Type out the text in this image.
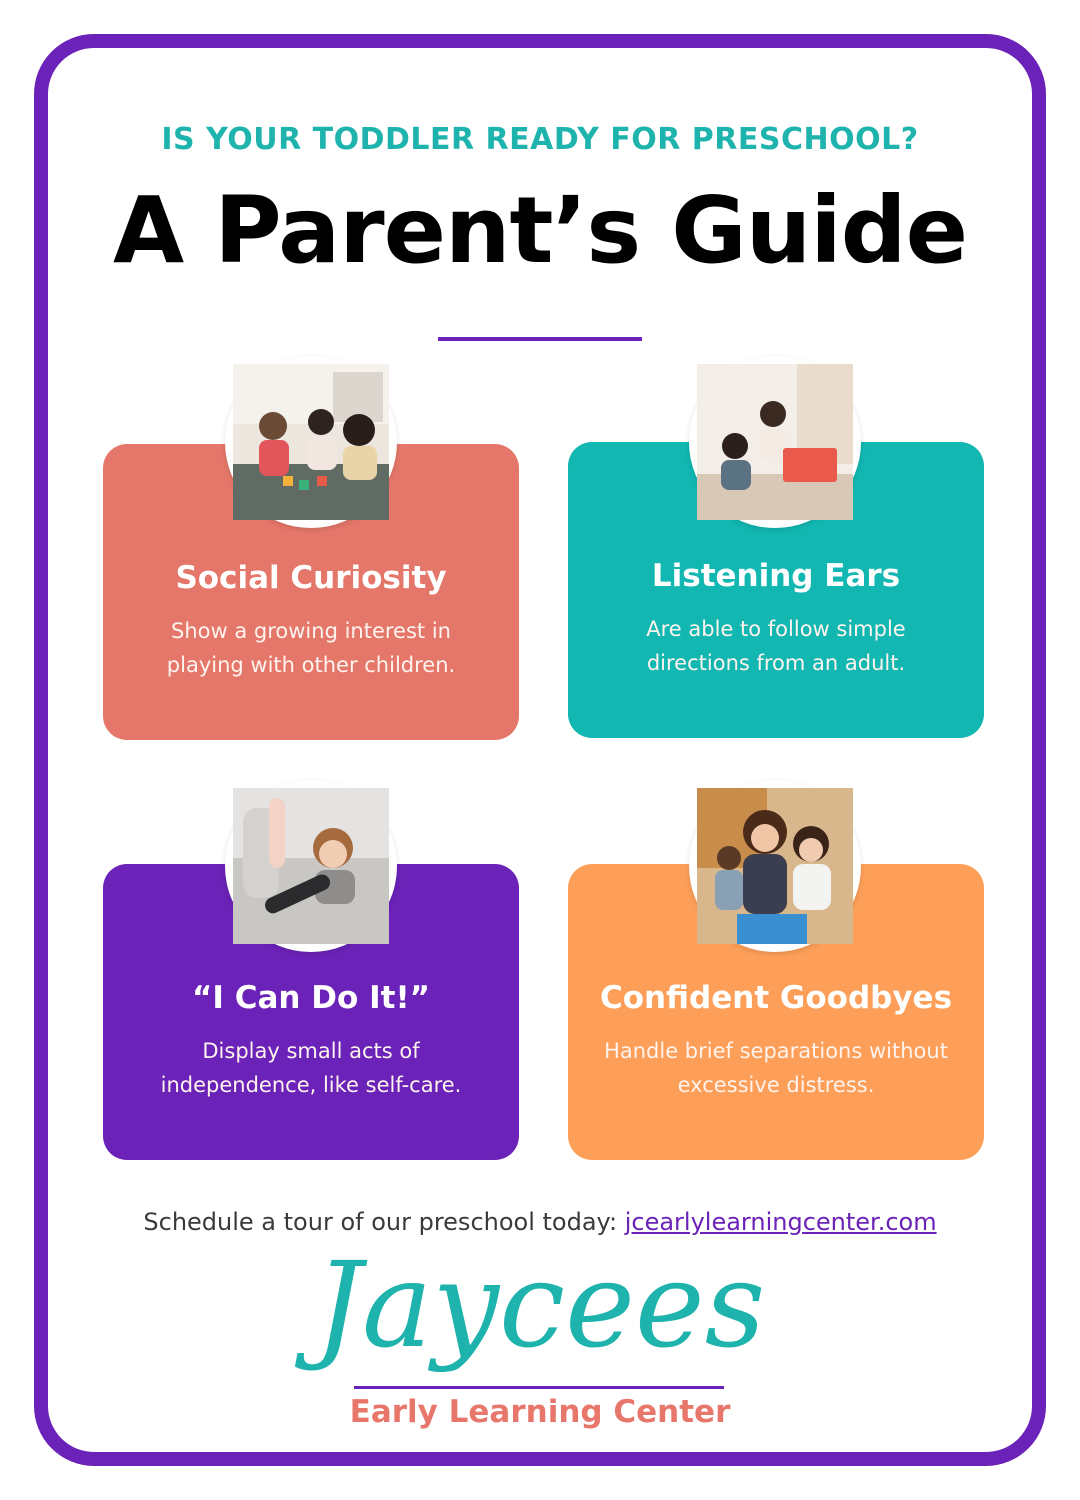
IS YOUR TODDLER READY FOR PRESCHOOL?
A Parent’s Guide
Social Curiosity
Show a growing interest in playing with other children.
Listening Ears
Are able to follow simple directions from an adult.
“I Can Do It!”
Display small acts of independence, like self-care.
Confident Goodbyes
Handle brief separations without excessive distress.
Schedule a tour of our preschool today: jcearlylearningcenter.com
Jaycees
Early Learning Center
